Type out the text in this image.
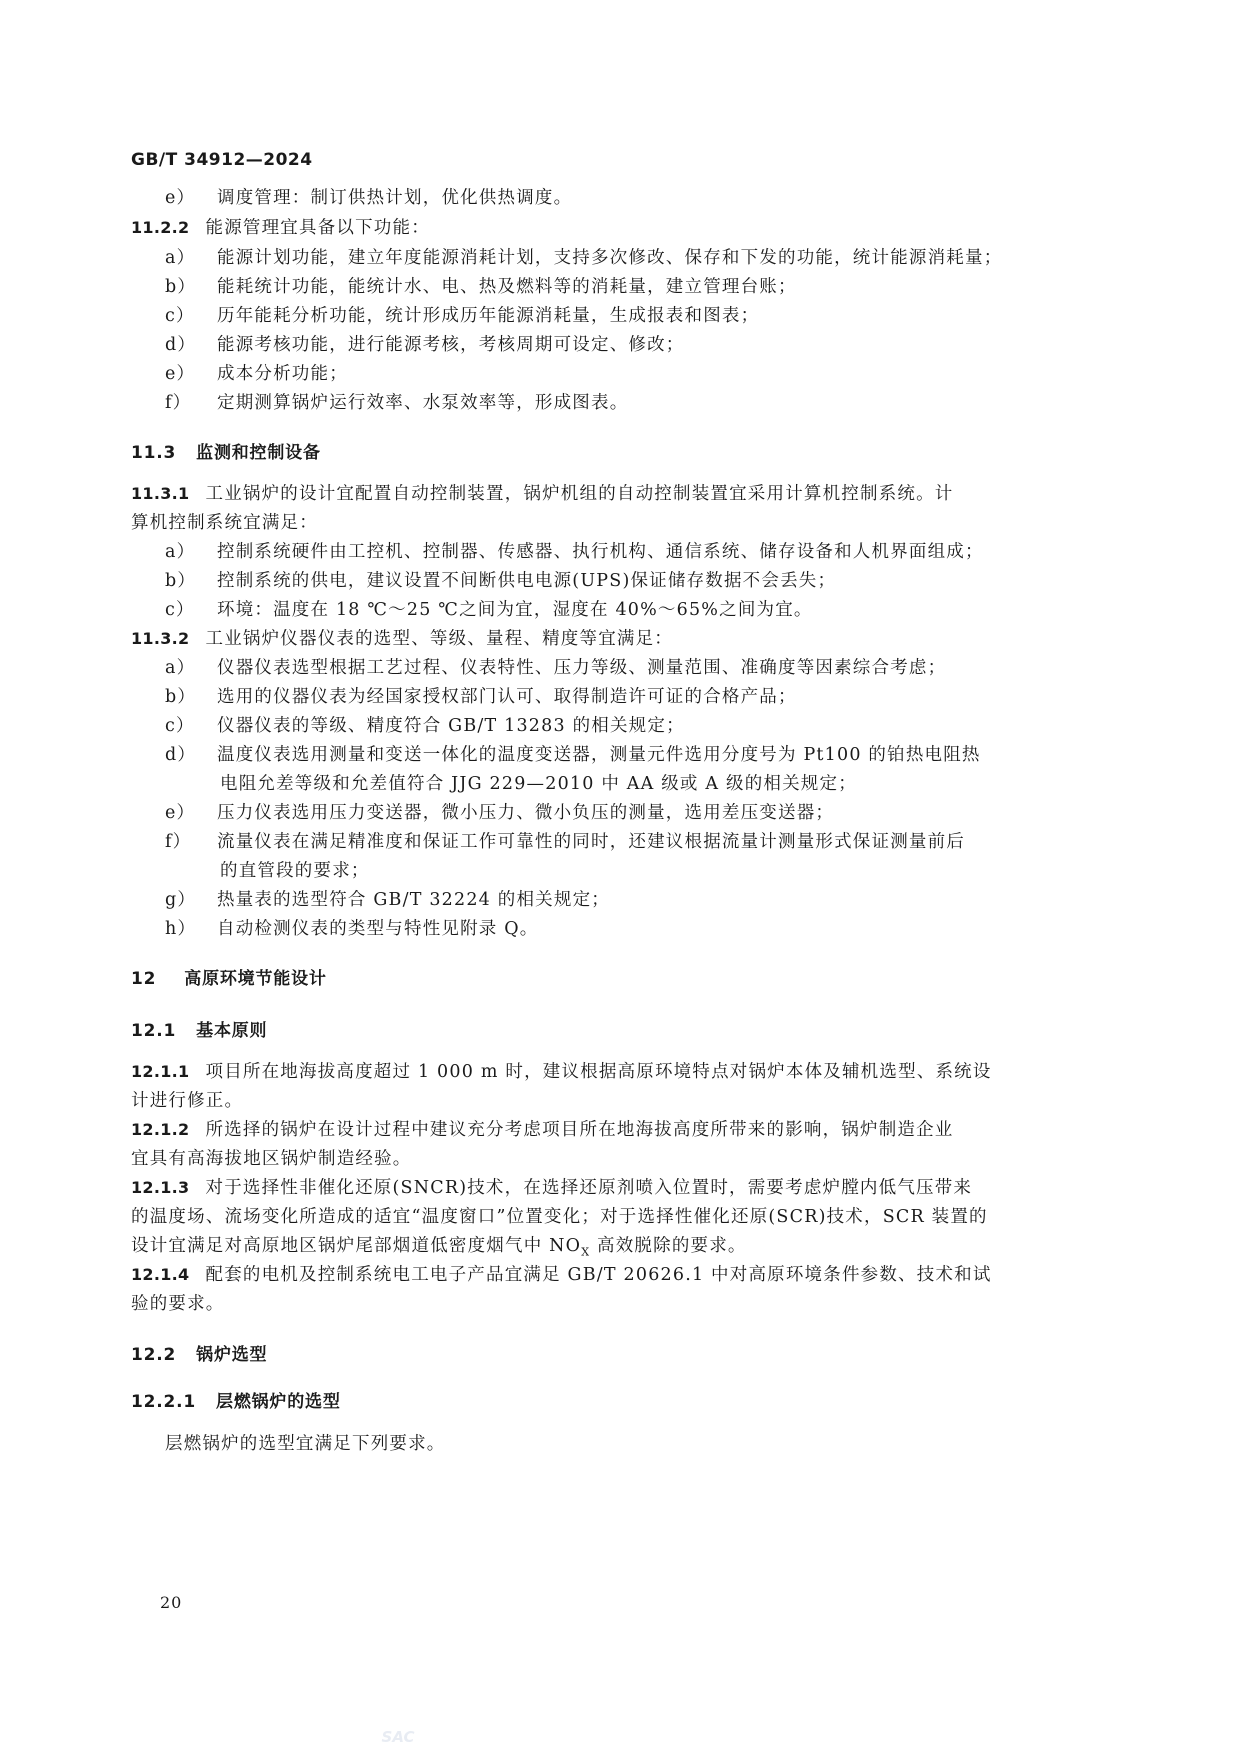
GB/T 34912—2024
e） 调度管理：制订供热计划，优化供热调度。
11.2.2 能源管理宜具备以下功能：
a） 能源计划功能，建立年度能源消耗计划，支持多次修改、保存和下发的功能，统计能源消耗量；
b） 能耗统计功能，能统计水、电、热及燃料等的消耗量，建立管理台账；
c） 历年能耗分析功能，统计形成历年能源消耗量，生成报表和图表；
d） 能源考核功能，进行能源考核，考核周期可设定、修改；
e） 成本分析功能；
f） 定期测算锅炉运行效率、水泵效率等，形成图表。
11.3 监测和控制设备
11.3.1 工业锅炉的设计宜配置自动控制装置，锅炉机组的自动控制装置宜采用计算机控制系统。计
算机控制系统宜满足：
a） 控制系统硬件由工控机、控制器、传感器、执行机构、通信系统、储存设备和人机界面组成；
b） 控制系统的供电，建议设置不间断供电电源(UPS)保证储存数据不会丢失；
c） 环境：温度在 18 ℃～25 ℃之间为宜，湿度在 40%～65%之间为宜。
11.3.2 工业锅炉仪器仪表的选型、等级、量程、精度等宜满足：
a） 仪器仪表选型根据工艺过程、仪表特性、压力等级、测量范围、准确度等因素综合考虑；
b） 选用的仪器仪表为经国家授权部门认可、取得制造许可证的合格产品；
c） 仪器仪表的等级、精度符合 GB/T 13283 的相关规定；
d） 温度仪表选用测量和变送一体化的温度变送器，测量元件选用分度号为 Pt100 的铂热电阻热
电阻允差等级和允差值符合 JJG 229—2010 中 AA 级或 A 级的相关规定；
e） 压力仪表选用压力变送器，微小压力、微小负压的测量，选用差压变送器；
f） 流量仪表在满足精准度和保证工作可靠性的同时，还建议根据流量计测量形式保证测量前后
的直管段的要求；
g） 热量表的选型符合 GB/T 32224 的相关规定；
h） 自动检测仪表的类型与特性见附录 Q。
12 高原环境节能设计
12.1 基本原则
12.1.1 项目所在地海拔高度超过 1 000 m 时，建议根据高原环境特点对锅炉本体及辅机选型、系统设
计进行修正。
12.1.2 所选择的锅炉在设计过程中建议充分考虑项目所在地海拔高度所带来的影响，锅炉制造企业
宜具有高海拔地区锅炉制造经验。
12.1.3 对于选择性非催化还原(SNCR)技术，在选择还原剂喷入位置时，需要考虑炉膛内低气压带来
的温度场、流场变化所造成的适宜“温度窗口”位置变化；对于选择性催化还原(SCR)技术，SCR 装置的
设计宜满足对高原地区锅炉尾部烟道低密度烟气中 $NO_X$ 高效脱除的要求。
12.1.4 配套的电机及控制系统电工电子产品宜满足 GB/T 20626.1 中对高原环境条件参数、技术和试
验的要求。
12.2 锅炉选型
12.2.1 层燃锅炉的选型
层燃锅炉的选型宜满足下列要求。
20
SAC
